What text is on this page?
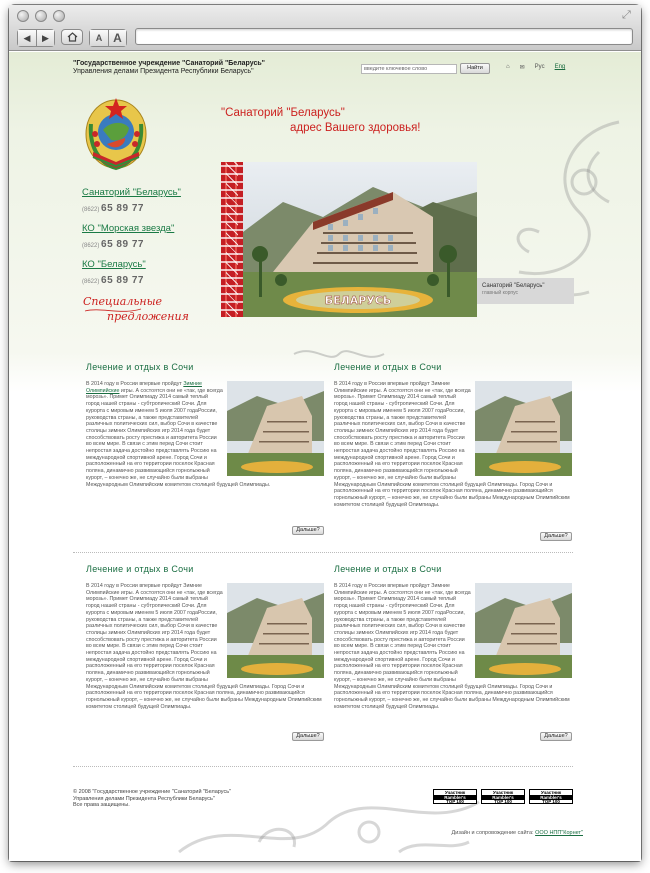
⤢
◀	▶	A A
"Государственное учреждение "Санаторий "Беларусь"
Управления делами Президента Республики Беларусь"	введите ключевое слово	Найти	⌂ ✉ Рус Eng
"Санаторий "Беларусь"
адрес Вашего здоровья!
Санаторий "Беларусь"
(8622) 65 89 77
КО "Морская звезда"
(8622) 65 89 77
КО "Беларусь"
(8622) 65 89 77
Специальные
предложения
БЕЛАРУСЬ
Санаторий "Беларусь"
главный корпус
Лечение и отдых в Сочи

В 2014 году в России впервые пройдут Зимние Олимпийские игры. А состоятся они не «так, где всегда морозь». Примет Олимпиаду 2014 самый теплый город нашей страны - субтропический Сочи. Для курорта с мировым именем 5 июля 2007 годаРоссии, руководства страны, а также представителей различных политических сил, выбор Сочи в качестве столицы зимних Олимпийских игр 2014 года будет способствовать росту престижа и авторитета России во всем мире. В связи с этим перед Сочи стоит непростая задача достойно представлять Россию на международной спортивной арене. Город Сочи и расположенный на его территории поселок Красная поляна, динамично развивающийся горнолыжный курорт, – конечно же, не случайно были выбраны Международным Олимпийским комитетом столицей будущей Олимпиады.

Дальше?
Лечение и отдых в Сочи

В 2014 году в России впервые пройдут Зимние Олимпийские игры. А состоятся они не «так, где всегда морозь». Примет Олимпиаду 2014 самый теплый город нашей страны - субтропический Сочи. Для курорта с мировым именем 5 июля 2007 годаРоссии, руководства страны, а также представителей различных политических сил, выбор Сочи в качестве столицы зимних Олимпийских игр 2014 года будет способствовать росту престижа и авторитета России во всем мире. В связи с этим перед Сочи стоит непростая задача достойно представлять Россию на международной спортивной арене. Город Сочи и расположенный на его территории поселок Красная поляна, динамично развивающийся горнолыжный курорт, – конечно же, не случайно были выбраны Международным Олимпийским комитетом столицей будущей Олимпиады. Город Сочи и расположенный на его территории поселок Красная поляна, динамично развивающийся горнолыжный курорт, – конечно же, не случайно были выбраны Международным Олимпийским комитетом столицей будущей Олимпиады.

Дальше?
Лечение и отдых в Сочи

В 2014 году в России впервые пройдут Зимние Олимпийские игры. А состоятся они не «так, где всегда морозь». Примет Олимпиаду 2014 самый теплый город нашей страны - субтропический Сочи. Для курорта с мировым именем 5 июля 2007 годаРоссии, руководства страны, а также представителей различных политических сил, выбор Сочи в качестве столицы зимних Олимпийских игр 2014 года будет способствовать росту престижа и авторитета России во всем мире. В связи с этим перед Сочи стоит непростая задача достойно представлять Россию на международной спортивной арене. Город Сочи и расположенный на его территории поселок Красная поляна, динамично развивающийся горнолыжный курорт, – конечно же, не случайно были выбраны Международным Олимпийским комитетом столицей будущей Олимпиады. Город Сочи и расположенный на его территории поселок Красная поляна, динамично развивающийся горнолыжный курорт, – конечно же, не случайно были выбраны Международным Олимпийским комитетом столицей будущей Олимпиады.

Дальше?
Лечение и отдых в Сочи

В 2014 году в России впервые пройдут Зимние Олимпийские игры. А состоятся они не «так, где всегда морозь». Примет Олимпиаду 2014 самый теплый город нашей страны - субтропический Сочи. Для курорта с мировым именем 5 июля 2007 годаРоссии, руководства страны, а также представителей различных политических сил, выбор Сочи в качестве столицы зимних Олимпийских игр 2014 года будет способствовать росту престижа и авторитета России во всем мире. В связи с этим перед Сочи стоит непростая задача достойно представлять Россию на международной спортивной арене. Город Сочи и расположенный на его территории поселок Красная поляна, динамично развивающийся горнолыжный курорт, – конечно же, не случайно были выбраны Международным Олимпийским комитетом столицей будущей Олимпиады. Город Сочи и расположенный на его территории поселок Красная поляна, динамично развивающийся горнолыжный курорт, – конечно же, не случайно были выбраны Международным Олимпийским комитетом столицей будущей Олимпиады.

Дальше?
© 2008 "Государственное учреждение "Санаторий "Беларусь"
Управления делами Президента Республики Беларусь"
Все права защищены.
Участник
Rambler's
TOP 100
Участник
Rambler's
TOP 100
Участник
Rambler's
TOP 100
Дизайн и сопровождение сайта: ООО НПП"Корнет"
